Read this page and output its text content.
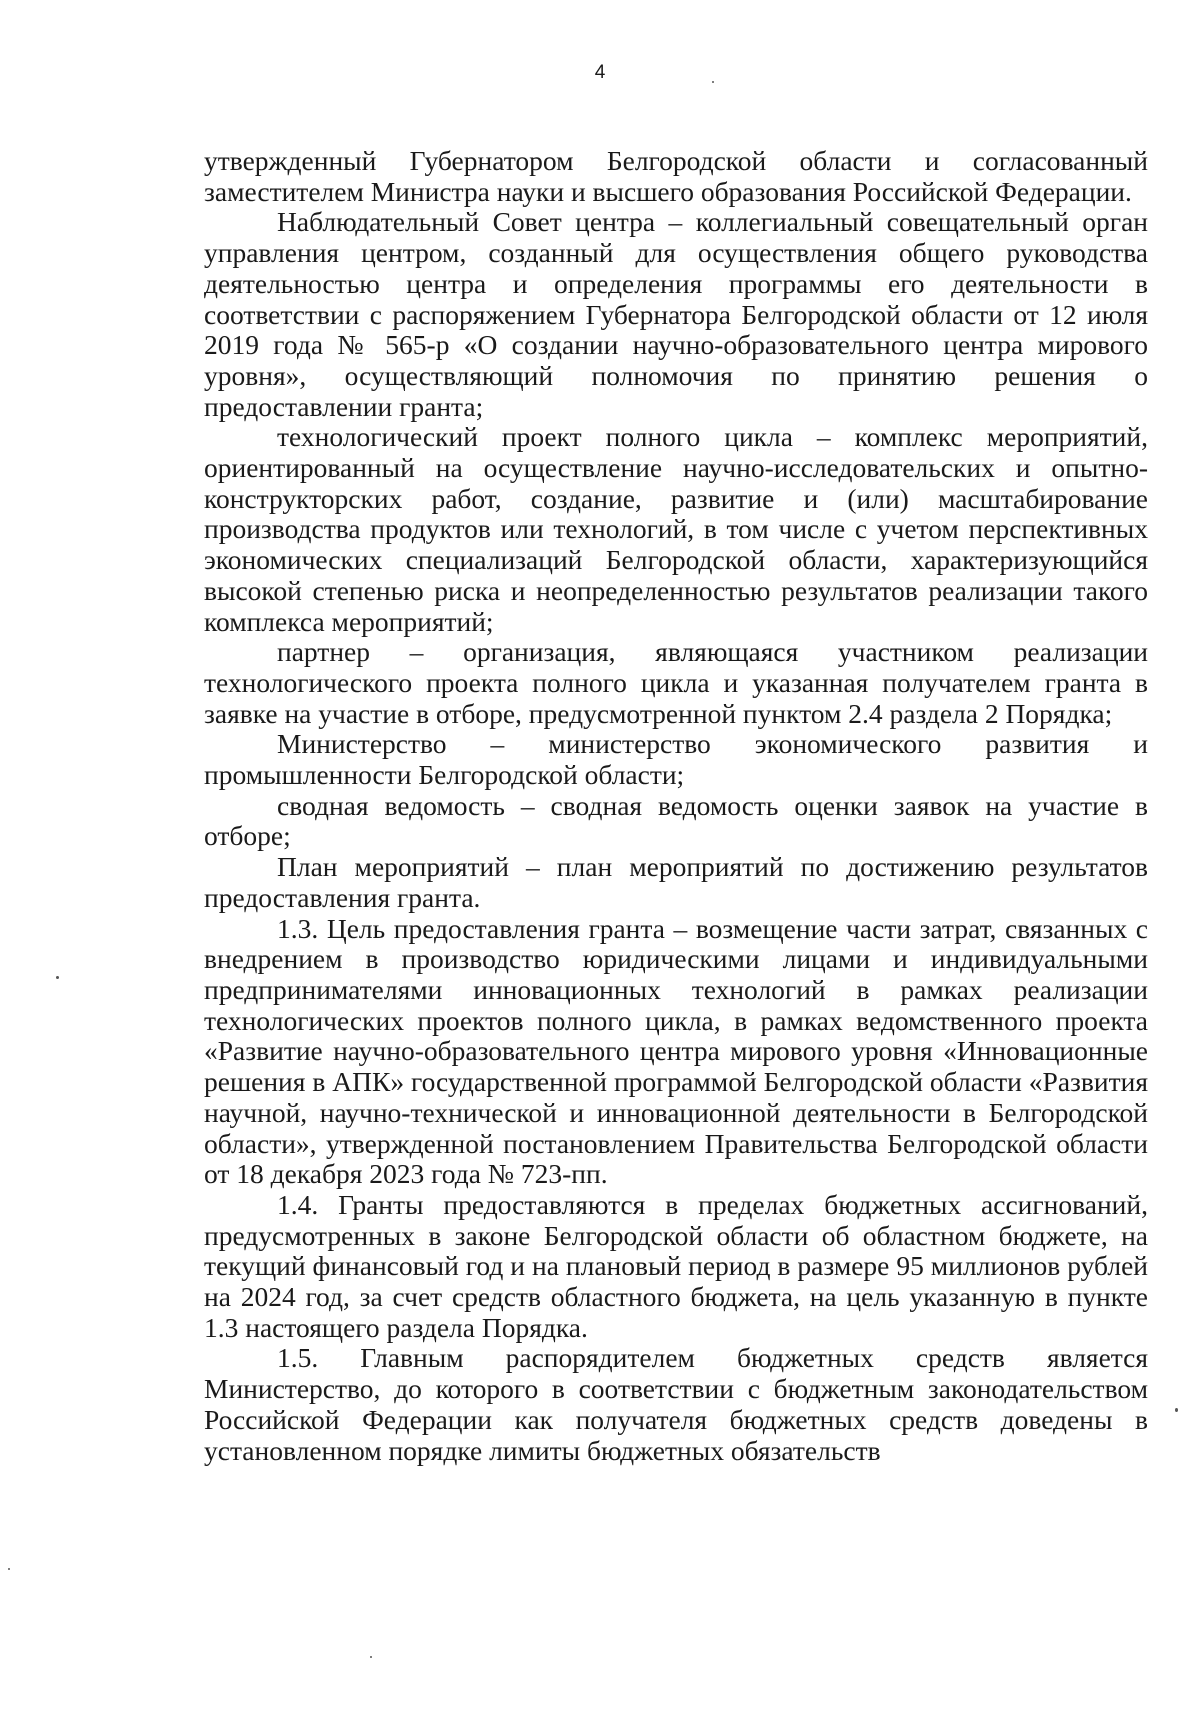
4

утвержденный Губернатором Белгородской области и согласованный заместителем Министра науки и высшего образования Российской Федерации.

Наблюдательный Совет центра – коллегиальный совещательный орган управления центром, созданный для осуществления общего руководства деятельностью центра и определения программы его деятельности в соответствии с распоряжением Губернатора Белгородской области от 12 июля 2019 года № 565-р «О создании научно-образовательного центра мирового уровня», осуществляющий полномочия по принятию решения о предоставлении гранта;

технологический проект полного цикла – комплекс мероприятий, ориентированный на осуществление научно-исследовательских и опытно-конструкторских работ, создание, развитие и (или) масштабирование производства продуктов или технологий, в том числе с учетом перспективных экономических специализаций Белгородской области, характеризующийся высокой степенью риска и неопределенностью результатов реализации такого комплекса мероприятий;

партнер – организация, являющаяся участником реализации технологического проекта полного цикла и указанная получателем гранта в заявке на участие в отборе, предусмотренной пунктом 2.4 раздела 2 Порядка;

Министерство – министерство экономического развития и промышленности Белгородской области;

сводная ведомость – сводная ведомость оценки заявок на участие в отборе;

План мероприятий – план мероприятий по достижению результатов предоставления гранта.

1.3. Цель предоставления гранта – возмещение части затрат, связанных с внедрением в производство юридическими лицами и индивидуальными предпринимателями инновационных технологий в рамках реализации технологических проектов полного цикла, в рамках ведомственного проекта «Развитие научно-образовательного центра мирового уровня «Инновационные решения в АПК» государственной программой Белгородской области «Развития научной, научно-технической и инновационной деятельности в Белгородской области», утвержденной постановлением Правительства Белгородской области от 18 декабря 2023 года № 723-пп.

1.4. Гранты предоставляются в пределах бюджетных ассигнований, предусмотренных в законе Белгородской области об областном бюджете, на текущий финансовый год и на плановый период в размере 95 миллионов рублей на 2024 год, за счет средств областного бюджета, на цель указанную в пункте 1.3 настоящего раздела Порядка.

1.5. Главным распорядителем бюджетных средств является Министерство, до которого в соответствии с бюджетным законодательством Российской Федерации как получателя бюджетных средств доведены в установленном порядке лимиты бюджетных обязательств
